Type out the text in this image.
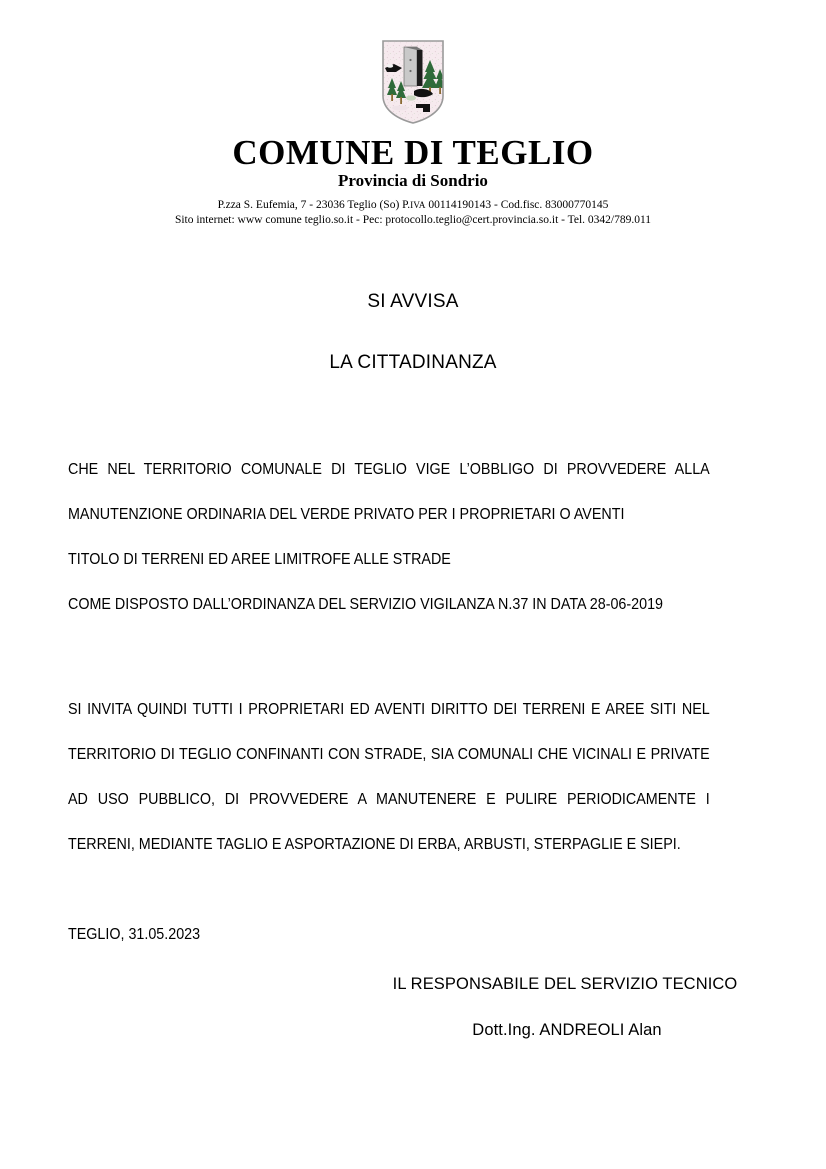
COMUNE DI TEGLIO
Provincia di Sondrio
P.zza S. Eufemia, 7 - 23036 Teglio (So) P.IVA 00114190143 - Cod.fisc. 83000770145
Sito internet: www comune teglio.so.it - Pec: protocollo.teglio@cert.provincia.so.it - Tel. 0342/789.011
SI AVVISA
LA CITTADINANZA

CHE NEL TERRITORIO COMUNALE DI TEGLIO VIGE L’OBBLIGO DI PROVVEDERE ALLA MANUTENZIONE ORDINARIA DEL VERDE PRIVATO PER I PROPRIETARI O AVENTI

TITOLO DI TERRENI ED AREE LIMITROFE ALLE STRADE

COME DISPOSTO DALL’ORDINANZA DEL SERVIZIO VIGILANZA N.37 IN DATA 28-06-2019

SI INVITA QUINDI TUTTI I PROPRIETARI ED AVENTI DIRITTO DEI TERRENI E AREE SITI NEL TERRITORIO DI TEGLIO CONFINANTI CON STRADE, SIA COMUNALI CHE VICINALI E PRIVATE AD USO PUBBLICO, DI PROVVEDERE A MANUTENERE E PULIRE PERIODICAMENTE I TERRENI, MEDIANTE TAGLIO E ASPORTAZIONE DI ERBA, ARBUSTI, STERPAGLIE E SIEPI.

TEGLIO, 31.05.2023

IL RESPONSABILE DEL SERVIZIO TECNICO
Dott.Ing. ANDREOLI Alan
